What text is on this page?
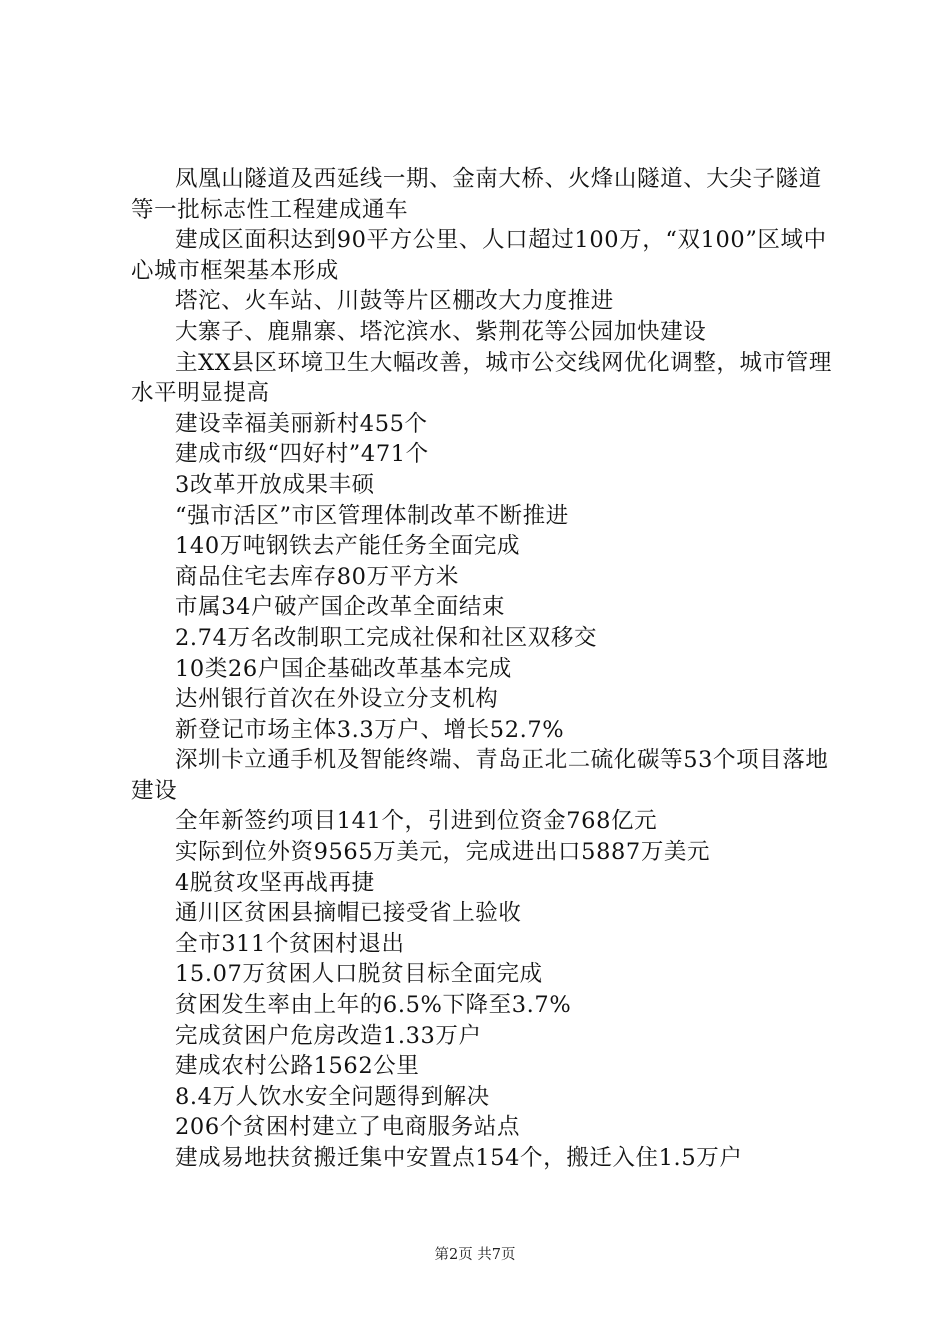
凤凰山隧道及西延线一期、金南大桥、火烽山隧道、大尖子隧道等一批标志性工程建成通车

建成区面积达到90平方公里、人口超过100万，“双100”区域中心城市框架基本形成

塔沱、火车站、川鼓等片区棚改大力度推进

大寨子、鹿鼎寨、塔沱滨水、紫荆花等公园加快建设

主XX县区环境卫生大幅改善，城市公交线网优化调整，城市管理水平明显提高

建设幸福美丽新村455个

建成市级“四好村”471个

3改革开放成果丰硕

“强市活区”市区管理体制改革不断推进

140万吨钢铁去产能任务全面完成

商品住宅去库存80万平方米

市属34户破产国企改革全面结束

2.74万名改制职工完成社保和社区双移交

10类26户国企基础改革基本完成

达州银行首次在外设立分支机构

新登记市场主体3.3万户、增长52.7%

深圳卡立通手机及智能终端、青岛正北二硫化碳等53个项目落地建设

全年新签约项目141个，引进到位资金768亿元

实际到位外资9565万美元，完成进出口5887万美元

4脱贫攻坚再战再捷

通川区贫困县摘帽已接受省上验收

全市311个贫困村退出

15.07万贫困人口脱贫目标全面完成

贫困发生率由上年的6.5%下降至3.7%

完成贫困户危房改造1.33万户

建成农村公路1562公里

8.4万人饮水安全问题得到解决

206个贫困村建立了电商服务站点

建成易地扶贫搬迁集中安置点154个，搬迁入住1.5万户

第2页 共7页
